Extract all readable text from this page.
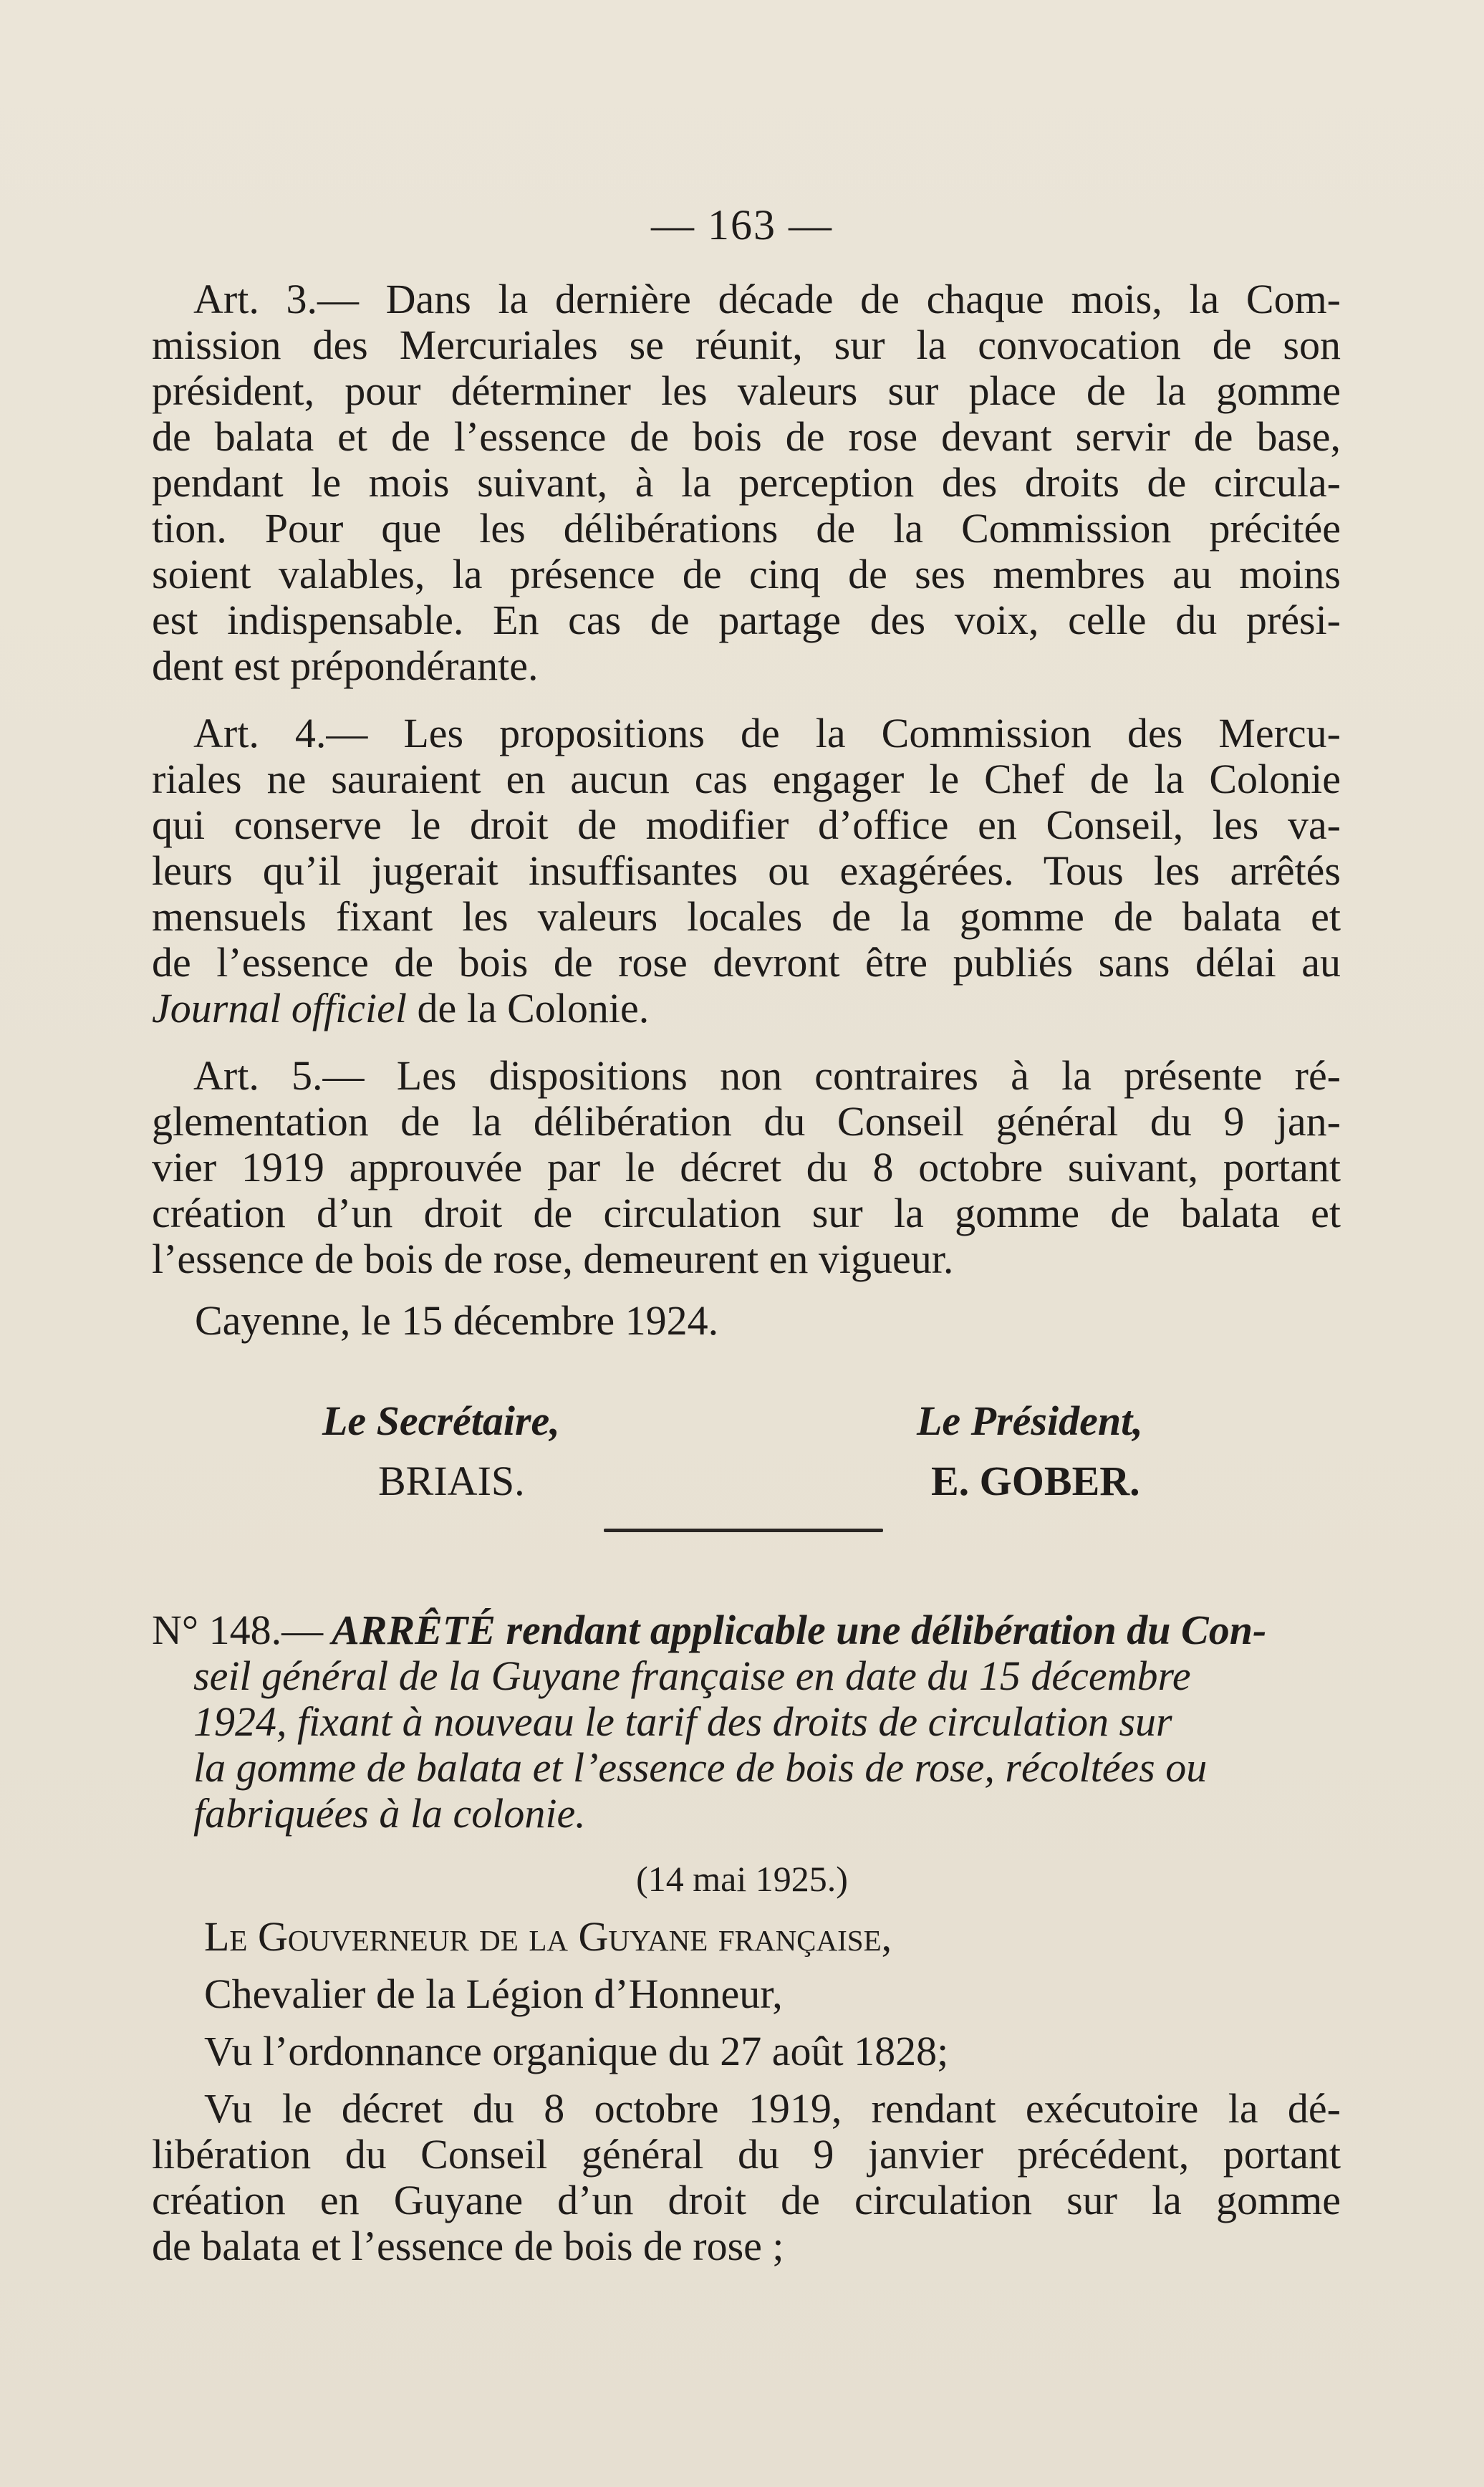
— 163 —
Art. 3.— Dans la dernière décade de chaque mois, la Com-
mission des Mercuriales se réunit, sur la convocation de son
président, pour déterminer les valeurs sur place de la gomme
de balata et de l’essence de bois de rose devant servir de base,
pendant le mois suivant, à la perception des droits de circula-
tion. Pour que les délibérations de la Commission précitée
soient valables, la présence de cinq de ses membres au moins
est indispensable. En cas de partage des voix, celle du prési-
dent est prépondérante.
Art. 4.— Les propositions de la Commission des Mercu-
riales ne sauraient en aucun cas engager le Chef de la Colonie
qui conserve le droit de modifier d’office en Conseil, les va-
leurs qu’il jugerait insuffisantes ou exagérées. Tous les arrêtés
mensuels fixant les valeurs locales de la gomme de balata et
de l’essence de bois de rose devront être publiés sans délai au
Journal officiel de la Colonie.
Art. 5.— Les dispositions non contraires à la présente ré-
glementation de la délibération du Conseil général du 9 jan-
vier 1919 approuvée par le décret du 8 octobre suivant, portant
création d’un droit de circulation sur la gomme de balata et
l’essence de bois de rose, demeurent en vigueur.
Cayenne, le 15 décembre 1924.
Le Secrétaire,
BRIAIS.
Le Président,
E. GOBER.
N° 148.— ARRÊTÉ rendant applicable une délibération du Con-
seil général de la Guyane française en date du 15 décembre
1924, fixant à nouveau le tarif des droits de circulation sur
la gomme de balata et l’essence de bois de rose, récoltées ou
fabriquées à la colonie.
(14 mai 1925.)
Le Gouverneur de la Guyane française,
Chevalier de la Légion d’Honneur,
Vu l’ordonnance organique du 27 août 1828;
Vu le décret du 8 octobre 1919, rendant exécutoire la dé-
libération du Conseil général du 9 janvier précédent, portant
création en Guyane d’un droit de circulation sur la gomme
de balata et l’essence de bois de rose ;
